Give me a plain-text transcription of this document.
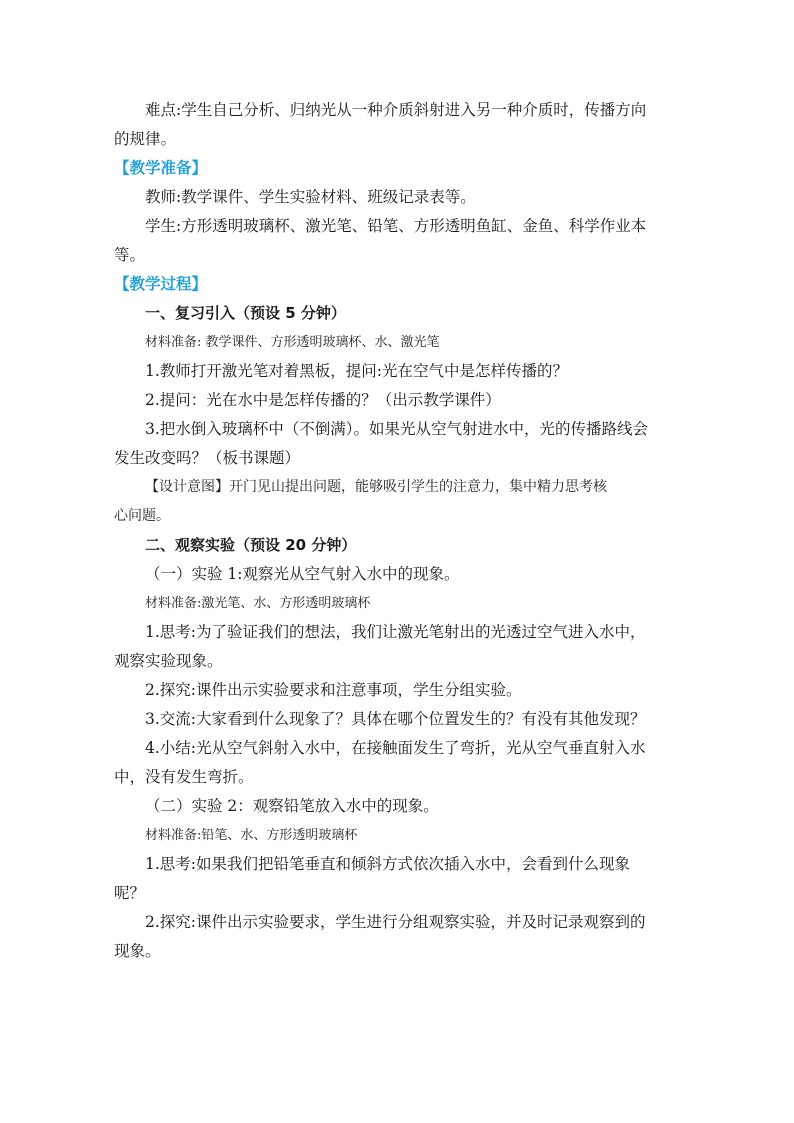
难点:学生自己分析、归纳光从一种介质斜射进入另一种介质时，传播方向

的规律。

【教学准备】

教师:教学课件、学生实验材料、班级记录表等。

学生:方形透明玻璃杯、激光笔、铅笔、方形透明鱼缸、金鱼、科学作业本

等。

【教学过程】

一、复习引入（预设 5 分钟）

材料准备: 教学课件、方形透明玻璃杯、水、激光笔

1.教师打开激光笔对着黑板，提问:光在空气中是怎样传播的？

2.提问：光在水中是怎样传播的？（出示教学课件）

3.把水倒入玻璃杯中（不倒满）。如果光从空气射进水中，光的传播路线会

发生改变吗？（板书课题）

【设计意图】开门见山提出问题，能够吸引学生的注意力，集中精力思考核

心问题。

二、观察实验（预设 20 分钟）

（一）实验 1:观察光从空气射入水中的现象。

材料准备:激光笔、水、方形透明玻璃杯

1.思考:为了验证我们的想法，我们让激光笔射出的光透过空气进入水中，

观察实验现象。

2.探究:课件出示实验要求和注意事项，学生分组实验。

3.交流:大家看到什么现象了？具体在哪个位置发生的？有没有其他发现？

4.小结:光从空气斜射入水中，在接触面发生了弯折，光从空气垂直射入水

中，没有发生弯折。

（二）实验 2：观察铅笔放入水中的现象。

材料准备:铅笔、水、方形透明玻璃杯

1.思考:如果我们把铅笔垂直和倾斜方式依次插入水中，会看到什么现象

呢？

2.探究:课件出示实验要求，学生进行分组观察实验，并及时记录观察到的

现象。
